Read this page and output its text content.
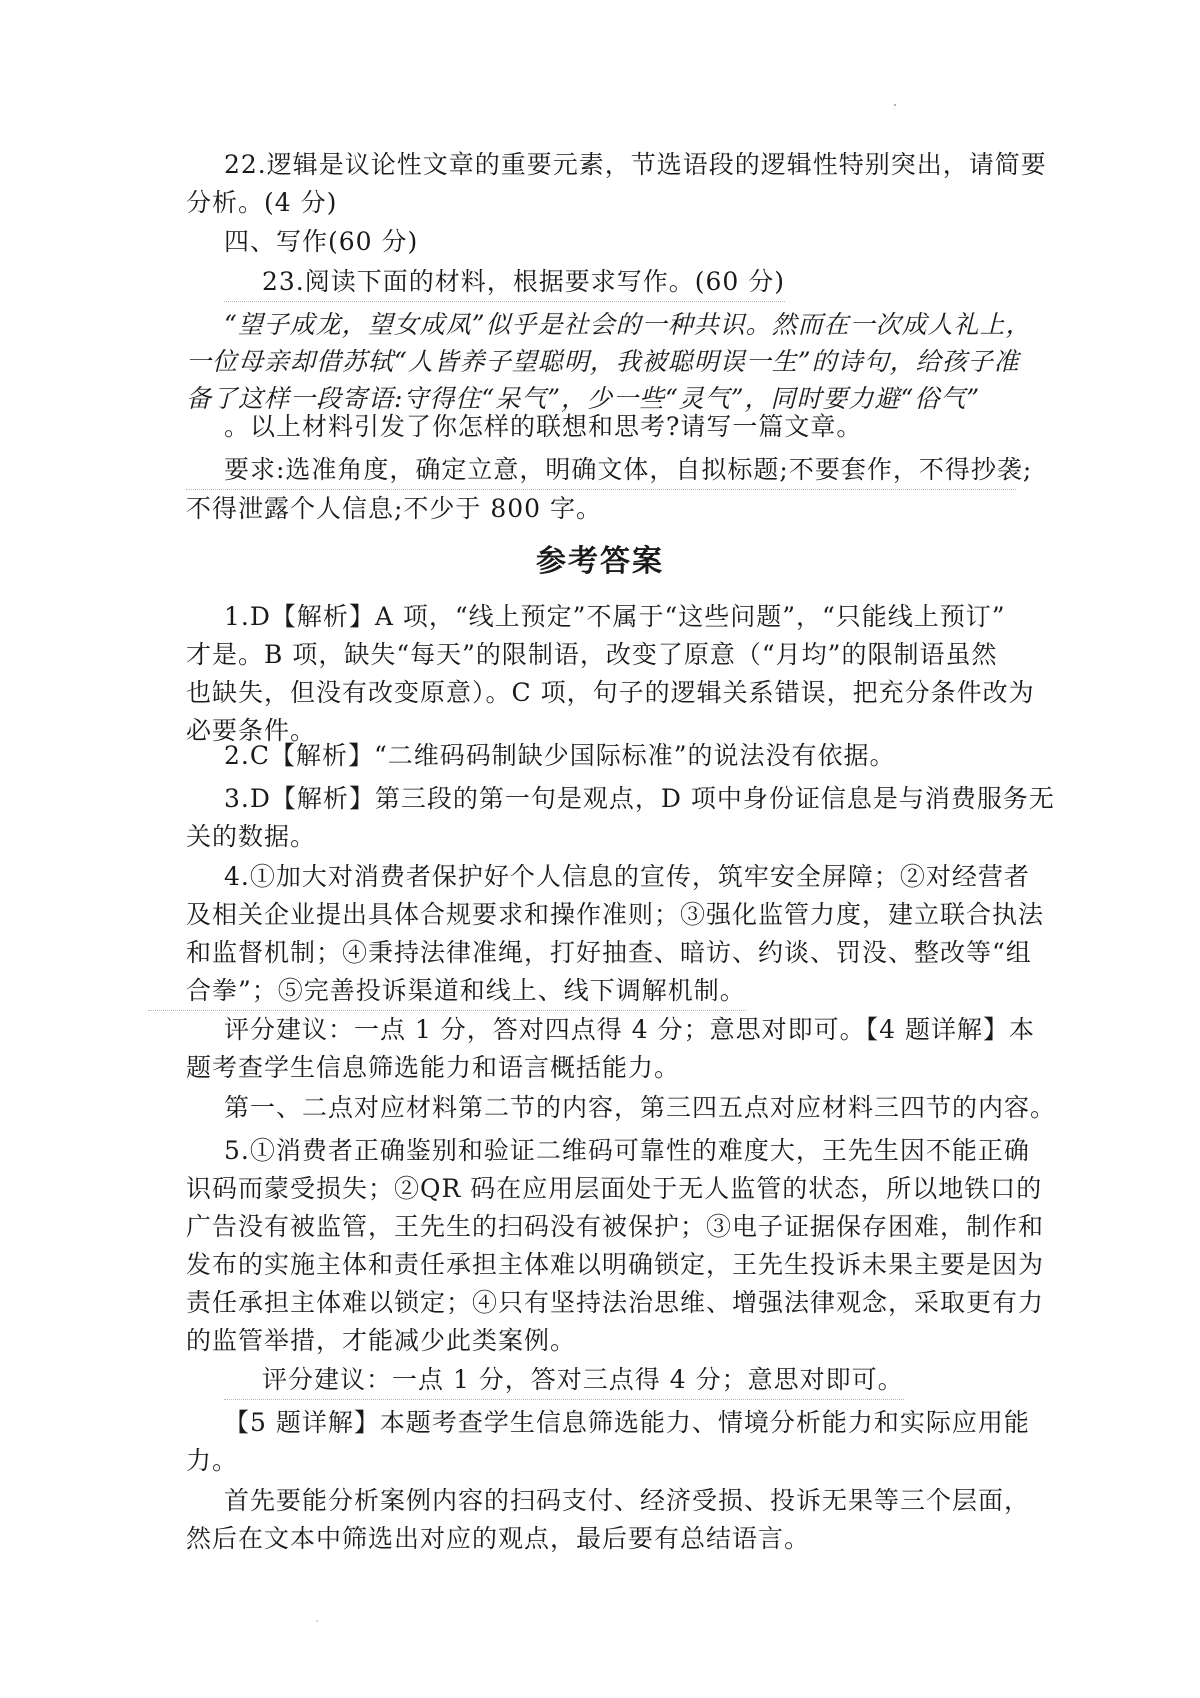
22.逻辑是议论性文章的重要元素，节选语段的逻辑性特别突出，请简要
分析。(4 分)

四、写作(60 分)

23.阅读下面的材料，根据要求写作。(60 分)

“望子成龙，望女成凤”似乎是社会的一种共识。然而在一次成人礼上，
一位母亲却借苏轼“人皆养子望聪明，我被聪明误一生”的诗句，给孩子准
备了这样一段寄语:守得住“呆气”，少一些“灵气”，同时要力避“俗气”

。以上材料引发了你怎样的联想和思考?请写一篇文章。

要求:选准角度，确定立意，明确文体，自拟标题;不要套作，不得抄袭;
不得泄露个人信息;不少于 800 字。

参考答案

1.D【解析】A 项，“线上预定”不属于“这些问题”，“只能线上预订”
才是。B 项，缺失“每天”的限制语，改变了原意（“月均”的限制语虽然
也缺失，但没有改变原意）。C 项，句子的逻辑关系错误，把充分条件改为
必要条件。

2.C【解析】“二维码码制缺少国际标准”的说法没有依据。

3.D【解析】第三段的第一句是观点，D 项中身份证信息是与消费服务无
关的数据。

4.①加大对消费者保护好个人信息的宣传，筑牢安全屏障；②对经营者
及相关企业提出具体合规要求和操作准则；③强化监管力度，建立联合执法
和监督机制；④秉持法律准绳，打好抽查、暗访、约谈、罚没、整改等“组
合拳”；⑤完善投诉渠道和线上、线下调解机制。

评分建议：一点 1 分，答对四点得 4 分；意思对即可。【4 题详解】本
题考查学生信息筛选能力和语言概括能力。

第一、二点对应材料第二节的内容，第三四五点对应材料三四节的内容。

5.①消费者正确鉴别和验证二维码可靠性的难度大，王先生因不能正确
识码而蒙受损失；②QR 码在应用层面处于无人监管的状态，所以地铁口的
广告没有被监管，王先生的扫码没有被保护；③电子证据保存困难，制作和
发布的实施主体和责任承担主体难以明确锁定，王先生投诉未果主要是因为
责任承担主体难以锁定；④只有坚持法治思维、增强法律观念，采取更有力
的监管举措，才能减少此类案例。

评分建议：一点 1 分，答对三点得 4 分；意思对即可。

【5 题详解】本题考查学生信息筛选能力、情境分析能力和实际应用能
力。

首先要能分析案例内容的扫码支付、经济受损、投诉无果等三个层面，
然后在文本中筛选出对应的观点，最后要有总结语言。
